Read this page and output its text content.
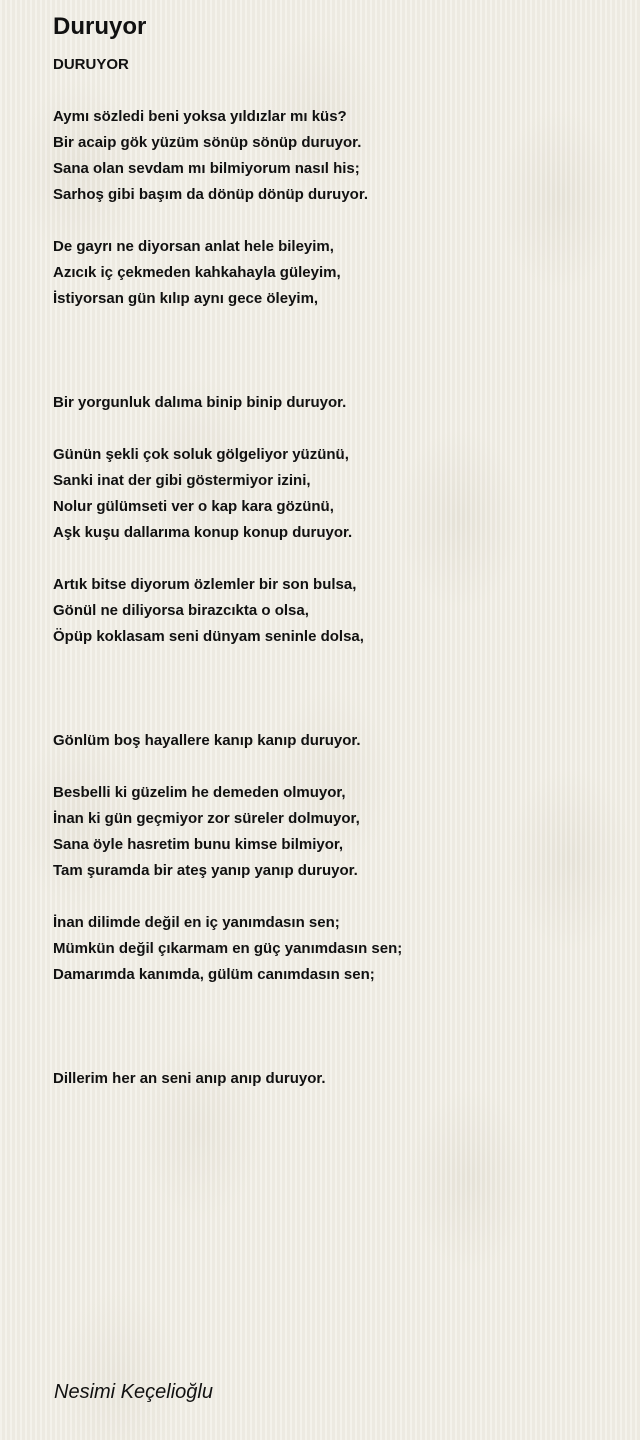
Duruyor
DURUYOR
Aymı sözledi beni yoksa yıldızlar mı küs?
Bir acaip gök yüzüm sönüp sönüp duruyor.
Sana olan sevdam mı bilmiyorum nasıl his;
Sarhoş gibi başım da dönüp dönüp duruyor.
De gayrı ne diyorsan anlat hele bileyim,
Azıcık iç çekmeden kahkahayla güleyim,
İstiyorsan gün kılıp aynı gece öleyim,
Bir yorgunluk dalıma binip binip duruyor.
Günün şekli çok soluk gölgeliyor yüzünü,
Sanki inat der gibi göstermiyor izini,
Nolur gülümseti ver o kap kara gözünü,
Aşk kuşu dallarıma konup konup duruyor.
Artık bitse diyorum özlemler bir son bulsa,
Gönül ne diliyorsa birazcıkta o olsa,
Öpüp koklasam seni dünyam seninle dolsa,
Gönlüm boş hayallere kanıp kanıp duruyor.
Besbelli ki güzelim he demeden olmuyor,
İnan ki gün geçmiyor zor süreler dolmuyor,
Sana öyle hasretim bunu kimse bilmiyor,
Tam şuramda bir ateş yanıp yanıp duruyor.
İnan dilimde değil en iç yanımdasın sen;
Mümkün değil çıkarmam en güç yanımdasın sen;
Damarımda kanımda, gülüm canımdasın sen;
Dillerim her an seni anıp anıp duruyor.
Nesimi Keçelioğlu
